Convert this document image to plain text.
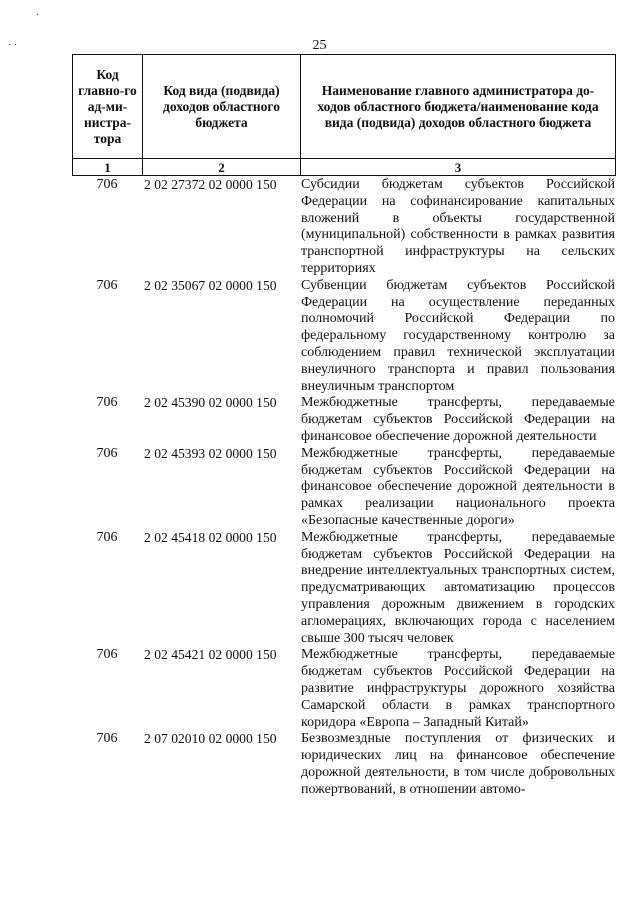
25
·
· ·
Код главно-го ад-ми-нистра-тора	Код вида (подвида) доходов областного бюджета	Наименование главного администратора до-ходов областного бюджета/наименование кода вида (подвида) доходов областного бюджета

1	2	3
706	2 02 27372 02 0000 150	Субсидии бюджетам субъектов Российской Федерации на софинансирование капитальных вложений в объекты государственной (муниципальной) собственности в рамках развития транспортной инфраструктуры на сельских территориях
706	2 02 35067 02 0000 150	Субвенции бюджетам субъектов Российской Федерации на осуществление переданных полномочий Российской Федерации по федеральному государственному контролю за соблюдением правил технической эксплуатации внеуличного транспорта и правил пользования внеуличным транспортом
706	2 02 45390 02 0000 150	Межбюджетные трансферты, передаваемые бюджетам субъектов Российской Федерации на финансовое обеспечение дорожной деятельности
706	2 02 45393 02 0000 150	Межбюджетные трансферты, передаваемые бюджетам субъектов Российской Федерации на финансовое обеспечение дорожной деятельности в рамках реализации национального проекта «Безопасные качественные дороги»
706	2 02 45418 02 0000 150	Межбюджетные трансферты, передаваемые бюджетам субъектов Российской Федерации на внедрение интеллектуальных транспортных систем, предусматривающих автоматизацию процессов управления дорожным движением в городских агломерациях, включающих города с населением свыше 300 тысяч человек
706	2 02 45421 02 0000 150	Межбюджетные трансферты, передаваемые бюджетам субъектов Российской Федерации на развитие инфраструктуры дорожного хозяйства Самарской области в рамках транспортного коридора «Европа – Западный Китай»
706	2 07 02010 02 0000 150	Безвозмездные поступления от физических и юридических лиц на финансовое обеспечение дорожной деятельности, в том числе добровольных пожертвований, в отношении автомо-
